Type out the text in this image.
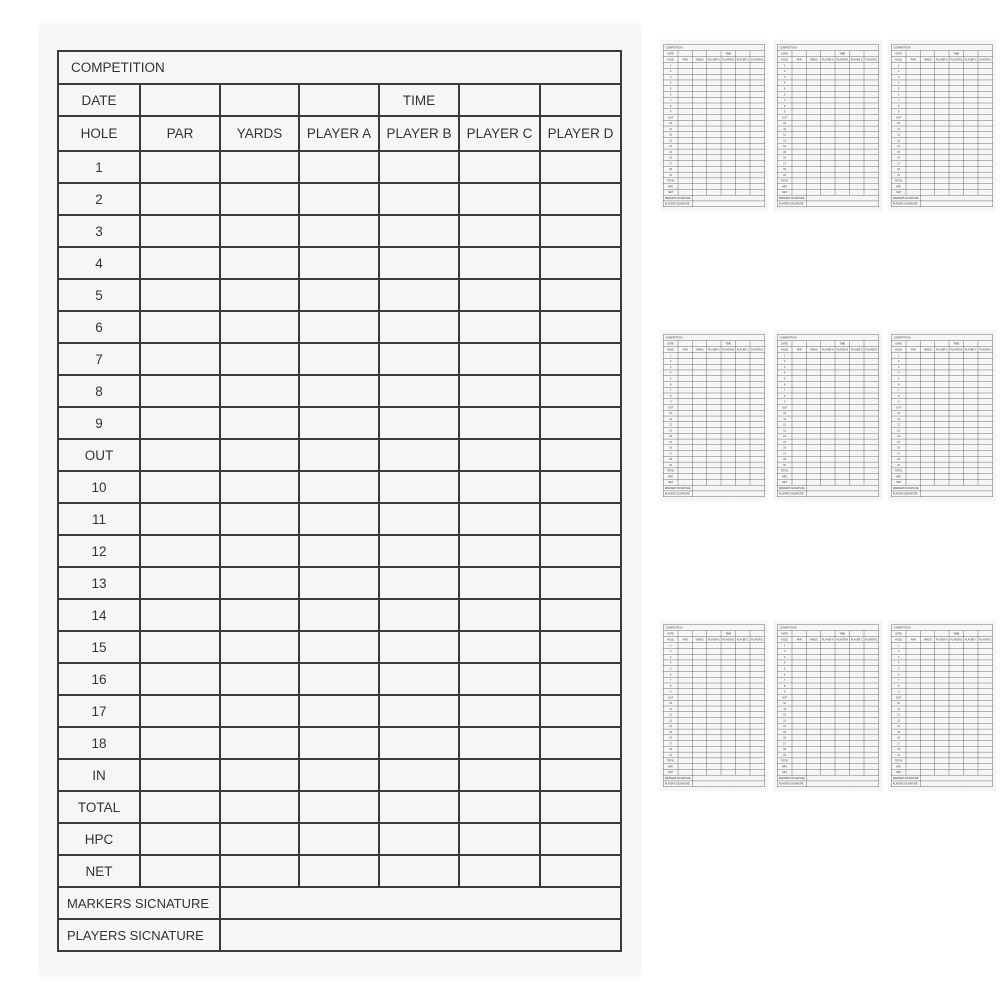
COMPETITION						
DATE				TIME		
HOLE	PAR	YARDS	PLAYER A	PLAYER B	PLAYER C	PLAYER D
1						
2						
3						
4						
5						
6						
7						
8						
9						
OUT						
10						
11						
12						
13						
14						
15						
16						
17						
18						
IN						
TOTAL						
HPC						
NET						
MARKERS SICNATURE						
PLAYERS SICNATURE						
COMPETITION						
DATE				TIME		
HOLE	PAR	YARDS	PLAYER A	PLAYER B	PLAYER C	PLAYER D
1						
2						
3						
4						
5						
6						
7						
8						
9						
OUT						
10						
11						
12						
13						
14						
15						
16						
17						
18						
IN						
TOTAL						
HPC						
NET						
MARKERS SICNATURE						
PLAYERS SICNATURE						
COMPETITION						
DATE				TIME		
HOLE	PAR	YARDS	PLAYER A	PLAYER B	PLAYER C	PLAYER D
1						
2						
3						
4						
5						
6						
7						
8						
9						
OUT						
10						
11						
12						
13						
14						
15						
16						
17						
18						
IN						
TOTAL						
HPC						
NET						
MARKERS SICNATURE						
PLAYERS SICNATURE						
COMPETITION						
DATE				TIME		
HOLE	PAR	YARDS	PLAYER A	PLAYER B	PLAYER C	PLAYER D
1						
2						
3						
4						
5						
6						
7						
8						
9						
OUT						
10						
11						
12						
13						
14						
15						
16						
17						
18						
IN						
TOTAL						
HPC						
NET						
MARKERS SICNATURE						
PLAYERS SICNATURE						
COMPETITION						
DATE				TIME		
HOLE	PAR	YARDS	PLAYER A	PLAYER B	PLAYER C	PLAYER D
1						
2						
3						
4						
5						
6						
7						
8						
9						
OUT						
10						
11						
12						
13						
14						
15						
16						
17						
18						
IN						
TOTAL						
HPC						
NET						
MARKERS SICNATURE						
PLAYERS SICNATURE						
COMPETITION						
DATE				TIME		
HOLE	PAR	YARDS	PLAYER A	PLAYER B	PLAYER C	PLAYER D
1						
2						
3						
4						
5						
6						
7						
8						
9						
OUT						
10						
11						
12						
13						
14						
15						
16						
17						
18						
IN						
TOTAL						
HPC						
NET						
MARKERS SICNATURE						
PLAYERS SICNATURE						
COMPETITION						
DATE				TIME		
HOLE	PAR	YARDS	PLAYER A	PLAYER B	PLAYER C	PLAYER D
1						
2						
3						
4						
5						
6						
7						
8						
9						
OUT						
10						
11						
12						
13						
14						
15						
16						
17						
18						
IN						
TOTAL						
HPC						
NET						
MARKERS SICNATURE						
PLAYERS SICNATURE						
COMPETITION						
DATE				TIME		
HOLE	PAR	YARDS	PLAYER A	PLAYER B	PLAYER C	PLAYER D
1						
2						
3						
4						
5						
6						
7						
8						
9						
OUT						
10						
11						
12						
13						
14						
15						
16						
17						
18						
IN						
TOTAL						
HPC						
NET						
MARKERS SICNATURE						
PLAYERS SICNATURE						
COMPETITION						
DATE				TIME		
HOLE	PAR	YARDS	PLAYER A	PLAYER B	PLAYER C	PLAYER D
1						
2						
3						
4						
5						
6						
7						
8						
9						
OUT						
10						
11						
12						
13						
14						
15						
16						
17						
18						
IN						
TOTAL						
HPC						
NET						
MARKERS SICNATURE						
PLAYERS SICNATURE						
COMPETITION						
DATE				TIME		
HOLE	PAR	YARDS	PLAYER A	PLAYER B	PLAYER C	PLAYER D
1						
2						
3						
4						
5						
6						
7						
8						
9						
OUT						
10						
11						
12						
13						
14						
15						
16						
17						
18						
IN						
TOTAL						
HPC						
NET						
MARKERS SICNATURE						
PLAYERS SICNATURE						
